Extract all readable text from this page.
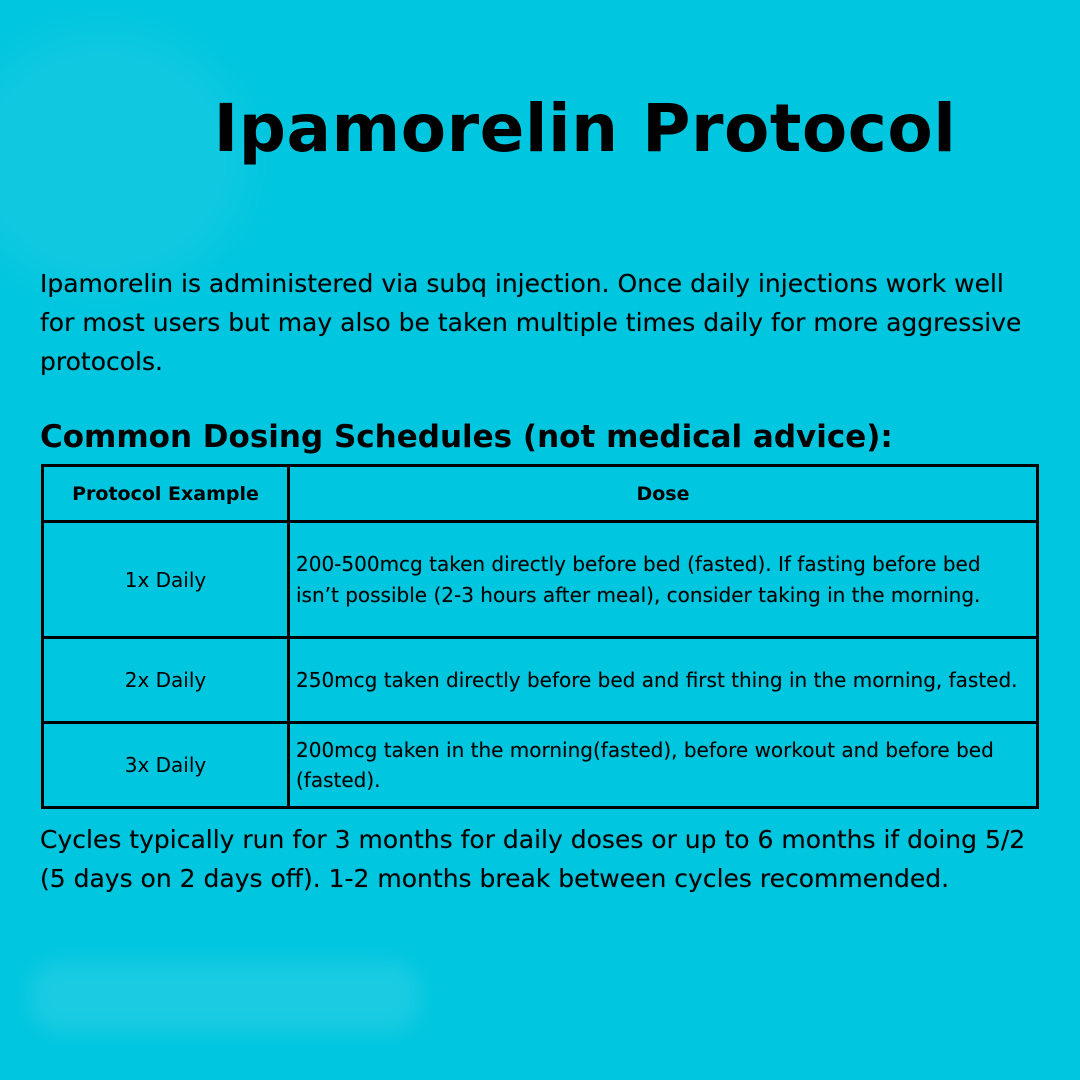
Ipamorelin Protocol

Ipamorelin is administered via subq injection. Once daily injections work well for most users but may also be taken multiple times daily for more aggressive protocols.

Common Dosing Schedules (not medical advice):
Protocol Example	Dose
1x Daily	200-500mcg taken directly before bed (fasted). If fasting before bed isn’t possible (2-3 hours after meal), consider taking in the morning.
2x Daily	250mcg taken directly before bed and first thing in the morning, fasted.
3x Daily	200mcg taken in the morning(fasted), before workout and before bed (fasted).

Cycles typically run for 3 months for daily doses or up to 6 months if doing 5/2 (5 days on 2 days off). 1-2 months break between cycles recommended.
